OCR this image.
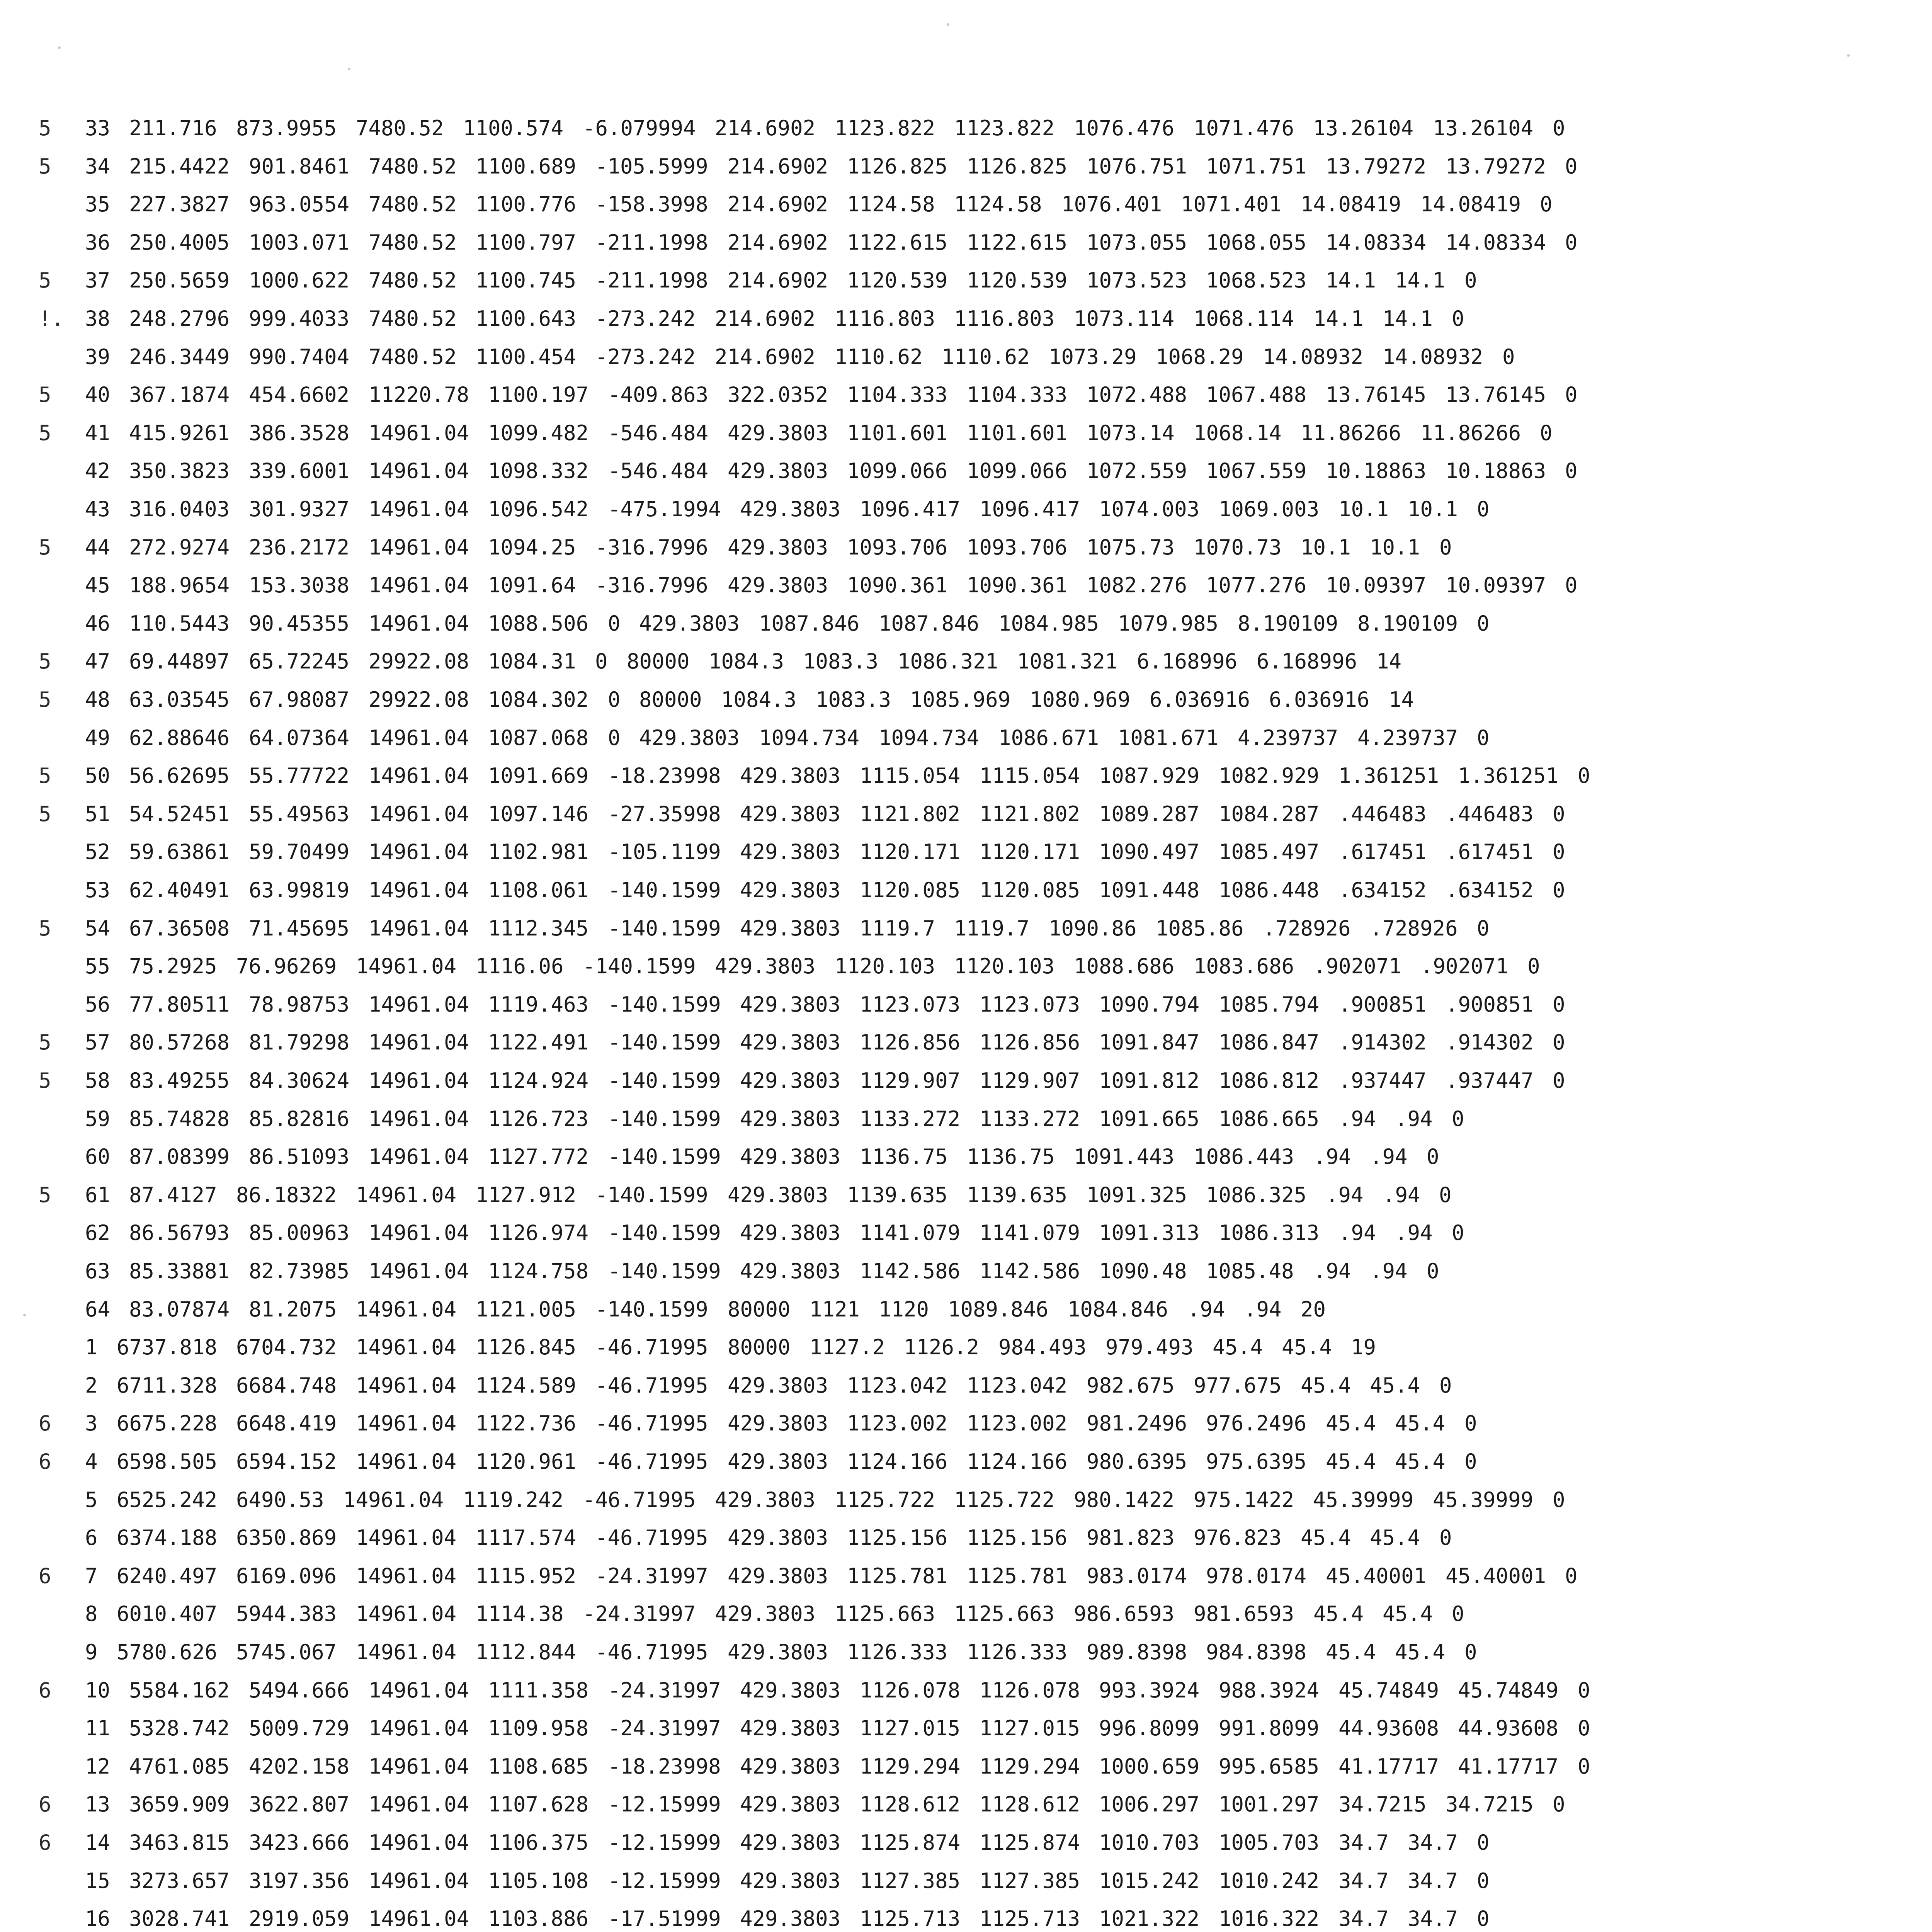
5 33 211.716 873.9955 7480.52 1100.574 -6.079994 214.6902 1123.822 1123.822 1076.476 1071.476 13.26104 13.26104 0
5 34 215.4422 901.8461 7480.52 1100.689 -105.5999 214.6902 1126.825 1126.825 1076.751 1071.751 13.79272 13.79272 0
35 227.3827 963.0554 7480.52 1100.776 -158.3998 214.6902 1124.58 1124.58 1076.401 1071.401 14.08419 14.08419 0
36 250.4005 1003.071 7480.52 1100.797 -211.1998 214.6902 1122.615 1122.615 1073.055 1068.055 14.08334 14.08334 0
5 37 250.5659 1000.622 7480.52 1100.745 -211.1998 214.6902 1120.539 1120.539 1073.523 1068.523 14.1 14.1 0
!. 38 248.2796 999.4033 7480.52 1100.643 -273.242 214.6902 1116.803 1116.803 1073.114 1068.114 14.1 14.1 0
39 246.3449 990.7404 7480.52 1100.454 -273.242 214.6902 1110.62 1110.62 1073.29 1068.29 14.08932 14.08932 0
5 40 367.1874 454.6602 11220.78 1100.197 -409.863 322.0352 1104.333 1104.333 1072.488 1067.488 13.76145 13.76145 0
5 41 415.9261 386.3528 14961.04 1099.482 -546.484 429.3803 1101.601 1101.601 1073.14 1068.14 11.86266 11.86266 0
42 350.3823 339.6001 14961.04 1098.332 -546.484 429.3803 1099.066 1099.066 1072.559 1067.559 10.18863 10.18863 0
43 316.0403 301.9327 14961.04 1096.542 -475.1994 429.3803 1096.417 1096.417 1074.003 1069.003 10.1 10.1 0
5 44 272.9274 236.2172 14961.04 1094.25 -316.7996 429.3803 1093.706 1093.706 1075.73 1070.73 10.1 10.1 0
45 188.9654 153.3038 14961.04 1091.64 -316.7996 429.3803 1090.361 1090.361 1082.276 1077.276 10.09397 10.09397 0
46 110.5443 90.45355 14961.04 1088.506 0 429.3803 1087.846 1087.846 1084.985 1079.985 8.190109 8.190109 0
5 47 69.44897 65.72245 29922.08 1084.31 0 80000 1084.3 1083.3 1086.321 1081.321 6.168996 6.168996 14
5 48 63.03545 67.98087 29922.08 1084.302 0 80000 1084.3 1083.3 1085.969 1080.969 6.036916 6.036916 14
49 62.88646 64.07364 14961.04 1087.068 0 429.3803 1094.734 1094.734 1086.671 1081.671 4.239737 4.239737 0
5 50 56.62695 55.77722 14961.04 1091.669 -18.23998 429.3803 1115.054 1115.054 1087.929 1082.929 1.361251 1.361251 0
5 51 54.52451 55.49563 14961.04 1097.146 -27.35998 429.3803 1121.802 1121.802 1089.287 1084.287 .446483 .446483 0
52 59.63861 59.70499 14961.04 1102.981 -105.1199 429.3803 1120.171 1120.171 1090.497 1085.497 .617451 .617451 0
53 62.40491 63.99819 14961.04 1108.061 -140.1599 429.3803 1120.085 1120.085 1091.448 1086.448 .634152 .634152 0
5 54 67.36508 71.45695 14961.04 1112.345 -140.1599 429.3803 1119.7 1119.7 1090.86 1085.86 .728926 .728926 0
55 75.2925 76.96269 14961.04 1116.06 -140.1599 429.3803 1120.103 1120.103 1088.686 1083.686 .902071 .902071 0
56 77.80511 78.98753 14961.04 1119.463 -140.1599 429.3803 1123.073 1123.073 1090.794 1085.794 .900851 .900851 0
5 57 80.57268 81.79298 14961.04 1122.491 -140.1599 429.3803 1126.856 1126.856 1091.847 1086.847 .914302 .914302 0
5 58 83.49255 84.30624 14961.04 1124.924 -140.1599 429.3803 1129.907 1129.907 1091.812 1086.812 .937447 .937447 0
59 85.74828 85.82816 14961.04 1126.723 -140.1599 429.3803 1133.272 1133.272 1091.665 1086.665 .94 .94 0
60 87.08399 86.51093 14961.04 1127.772 -140.1599 429.3803 1136.75 1136.75 1091.443 1086.443 .94 .94 0
5 61 87.4127 86.18322 14961.04 1127.912 -140.1599 429.3803 1139.635 1139.635 1091.325 1086.325 .94 .94 0
62 86.56793 85.00963 14961.04 1126.974 -140.1599 429.3803 1141.079 1141.079 1091.313 1086.313 .94 .94 0
63 85.33881 82.73985 14961.04 1124.758 -140.1599 429.3803 1142.586 1142.586 1090.48 1085.48 .94 .94 0
64 83.07874 81.2075 14961.04 1121.005 -140.1599 80000 1121 1120 1089.846 1084.846 .94 .94 20
1 6737.818 6704.732 14961.04 1126.845 -46.71995 80000 1127.2 1126.2 984.493 979.493 45.4 45.4 19
2 6711.328 6684.748 14961.04 1124.589 -46.71995 429.3803 1123.042 1123.042 982.675 977.675 45.4 45.4 0
6 3 6675.228 6648.419 14961.04 1122.736 -46.71995 429.3803 1123.002 1123.002 981.2496 976.2496 45.4 45.4 0
6 4 6598.505 6594.152 14961.04 1120.961 -46.71995 429.3803 1124.166 1124.166 980.6395 975.6395 45.4 45.4 0
5 6525.242 6490.53 14961.04 1119.242 -46.71995 429.3803 1125.722 1125.722 980.1422 975.1422 45.39999 45.39999 0
6 6374.188 6350.869 14961.04 1117.574 -46.71995 429.3803 1125.156 1125.156 981.823 976.823 45.4 45.4 0
6 7 6240.497 6169.096 14961.04 1115.952 -24.31997 429.3803 1125.781 1125.781 983.0174 978.0174 45.40001 45.40001 0
8 6010.407 5944.383 14961.04 1114.38 -24.31997 429.3803 1125.663 1125.663 986.6593 981.6593 45.4 45.4 0
9 5780.626 5745.067 14961.04 1112.844 -46.71995 429.3803 1126.333 1126.333 989.8398 984.8398 45.4 45.4 0
6 10 5584.162 5494.666 14961.04 1111.358 -24.31997 429.3803 1126.078 1126.078 993.3924 988.3924 45.74849 45.74849 0
11 5328.742 5009.729 14961.04 1109.958 -24.31997 429.3803 1127.015 1127.015 996.8099 991.8099 44.93608 44.93608 0
12 4761.085 4202.158 14961.04 1108.685 -18.23998 429.3803 1129.294 1129.294 1000.659 995.6585 41.17717 41.17717 0
6 13 3659.909 3622.807 14961.04 1107.628 -12.15999 429.3803 1128.612 1128.612 1006.297 1001.297 34.7215 34.7215 0
6 14 3463.815 3423.666 14961.04 1106.375 -12.15999 429.3803 1125.874 1125.874 1010.703 1005.703 34.7 34.7 0
15 3273.657 3197.356 14961.04 1105.108 -12.15999 429.3803 1127.385 1127.385 1015.242 1010.242 34.7 34.7 0
16 3028.741 2919.059 14961.04 1103.886 -17.51999 429.3803 1125.713 1125.713 1021.322 1016.322 34.7 34.7 0
